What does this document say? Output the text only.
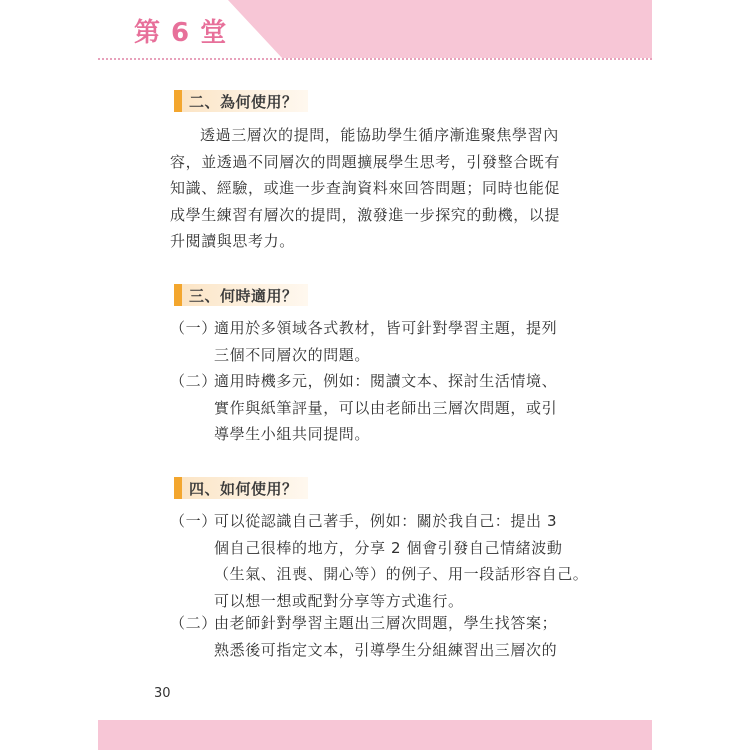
第 6 堂
二、為何使用？
透過三層次的提問，能協助學生循序漸進聚焦學習內
容，並透過不同層次的問題擴展學生思考，引發整合既有
知識、經驗，或進一步查詢資料來回答問題；同時也能促
成學生練習有層次的提問，激發進一步探究的動機，以提
升閱讀與思考力。
三、何時適用？
（一）適用於多領域各式教材，皆可針對學習主題，提列
三個不同層次的問題。
（二）適用時機多元，例如：閱讀文本、探討生活情境、
實作與紙筆評量，可以由老師出三層次問題，或引
導學生小組共同提問。
四、如何使用？
（一）可以從認識自己著手，例如：關於我自己：提出 3
個自己很棒的地方，分享 2 個會引發自己情緒波動
（生氣、沮喪、開心等）的例子、用一段話形容自己。
可以想一想或配對分享等方式進行。
（二）由老師針對學習主題出三層次問題，學生找答案；
熟悉後可指定文本，引導學生分組練習出三層次的
30
